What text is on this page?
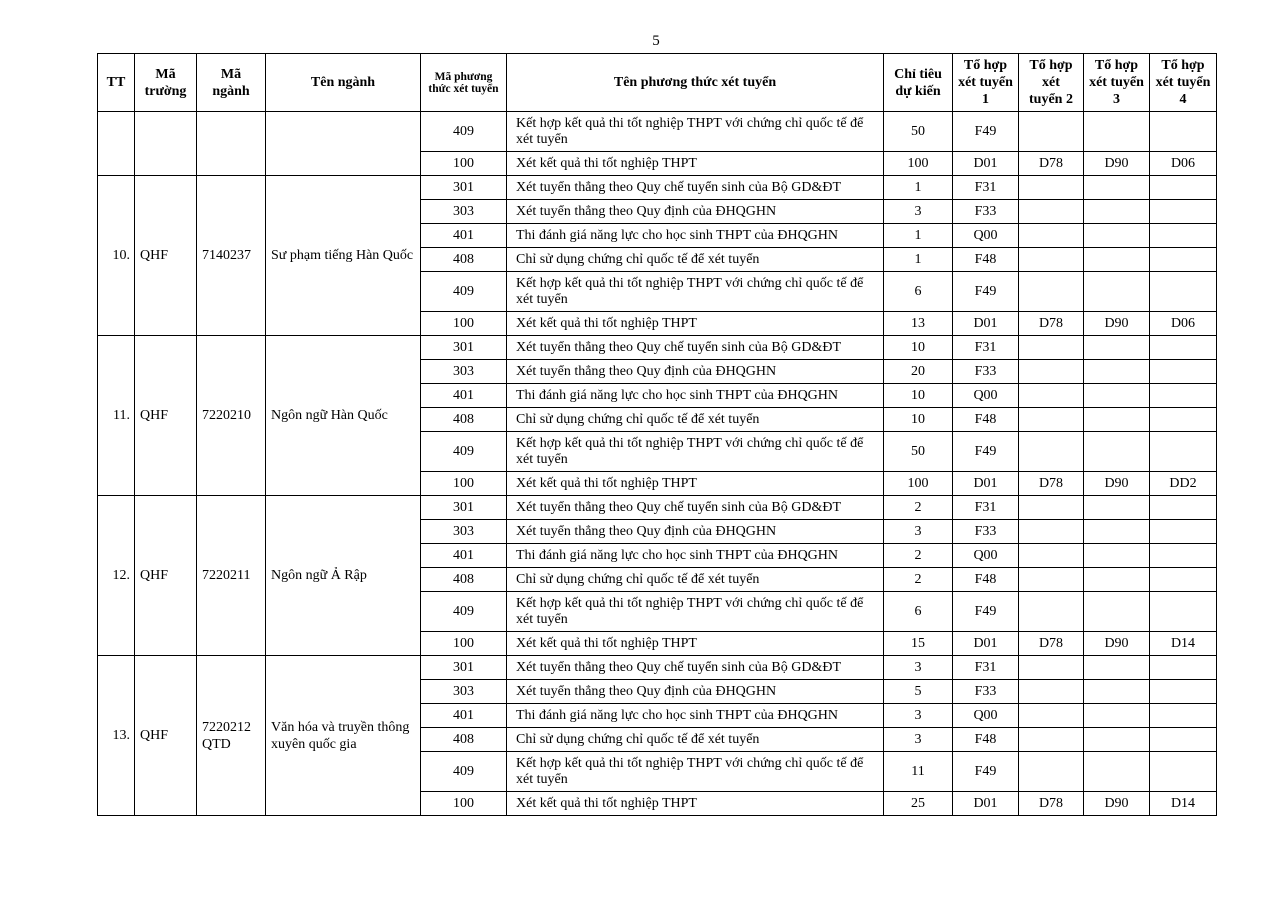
5
TT	Mã trường	Mã ngành	Tên ngành	Mã phương thức xét tuyển	Tên phương thức xét tuyển	Chỉ tiêu dự kiến	Tổ hợp xét tuyển 1	Tổ hợp xét tuyển 2	Tổ hợp xét tuyển 3	Tổ hợp xét tuyển 4
				409	Kết hợp kết quả thi tốt nghiệp THPT với chứng chỉ quốc tế để xét tuyển	50	F49			
				100	Xét kết quả thi tốt nghiệp THPT	100	D01	D78	D90	D06
10.	QHF	7140237	Sư phạm tiếng Hàn Quốc	301	Xét tuyển thẳng theo Quy chế tuyển sinh của Bộ GD&ĐT	1	F31			
				303	Xét tuyển thẳng theo Quy định của ĐHQGHN	3	F33			
				401	Thi đánh giá năng lực cho học sinh THPT của ĐHQGHN	1	Q00			
				408	Chỉ sử dụng chứng chỉ quốc tế để xét tuyển	1	F48			
				409	Kết hợp kết quả thi tốt nghiệp THPT với chứng chỉ quốc tế để xét tuyển	6	F49			
				100	Xét kết quả thi tốt nghiệp THPT	13	D01	D78	D90	D06
11.	QHF	7220210	Ngôn ngữ Hàn Quốc	301	Xét tuyển thẳng theo Quy chế tuyển sinh của Bộ GD&ĐT	10	F31			
				303	Xét tuyển thẳng theo Quy định của ĐHQGHN	20	F33			
				401	Thi đánh giá năng lực cho học sinh THPT của ĐHQGHN	10	Q00			
				408	Chỉ sử dụng chứng chỉ quốc tế để xét tuyển	10	F48			
				409	Kết hợp kết quả thi tốt nghiệp THPT với chứng chỉ quốc tế để xét tuyển	50	F49			
				100	Xét kết quả thi tốt nghiệp THPT	100	D01	D78	D90	DD2
12.	QHF	7220211	Ngôn ngữ Ả Rập	301	Xét tuyển thẳng theo Quy chế tuyển sinh của Bộ GD&ĐT	2	F31			
				303	Xét tuyển thẳng theo Quy định của ĐHQGHN	3	F33			
				401	Thi đánh giá năng lực cho học sinh THPT của ĐHQGHN	2	Q00			
				408	Chỉ sử dụng chứng chỉ quốc tế để xét tuyển	2	F48			
				409	Kết hợp kết quả thi tốt nghiệp THPT với chứng chỉ quốc tế để xét tuyển	6	F49			
				100	Xét kết quả thi tốt nghiệp THPT	15	D01	D78	D90	D14
13.	QHF	7220212 QTD	Văn hóa và truyền thông xuyên quốc gia	301	Xét tuyển thẳng theo Quy chế tuyển sinh của Bộ GD&ĐT	3	F31			
				303	Xét tuyển thẳng theo Quy định của ĐHQGHN	5	F33			
				401	Thi đánh giá năng lực cho học sinh THPT của ĐHQGHN	3	Q00			
				408	Chỉ sử dụng chứng chỉ quốc tế để xét tuyển	3	F48			
				409	Kết hợp kết quả thi tốt nghiệp THPT với chứng chỉ quốc tế để xét tuyển	11	F49			
				100	Xét kết quả thi tốt nghiệp THPT	25	D01	D78	D90	D14
